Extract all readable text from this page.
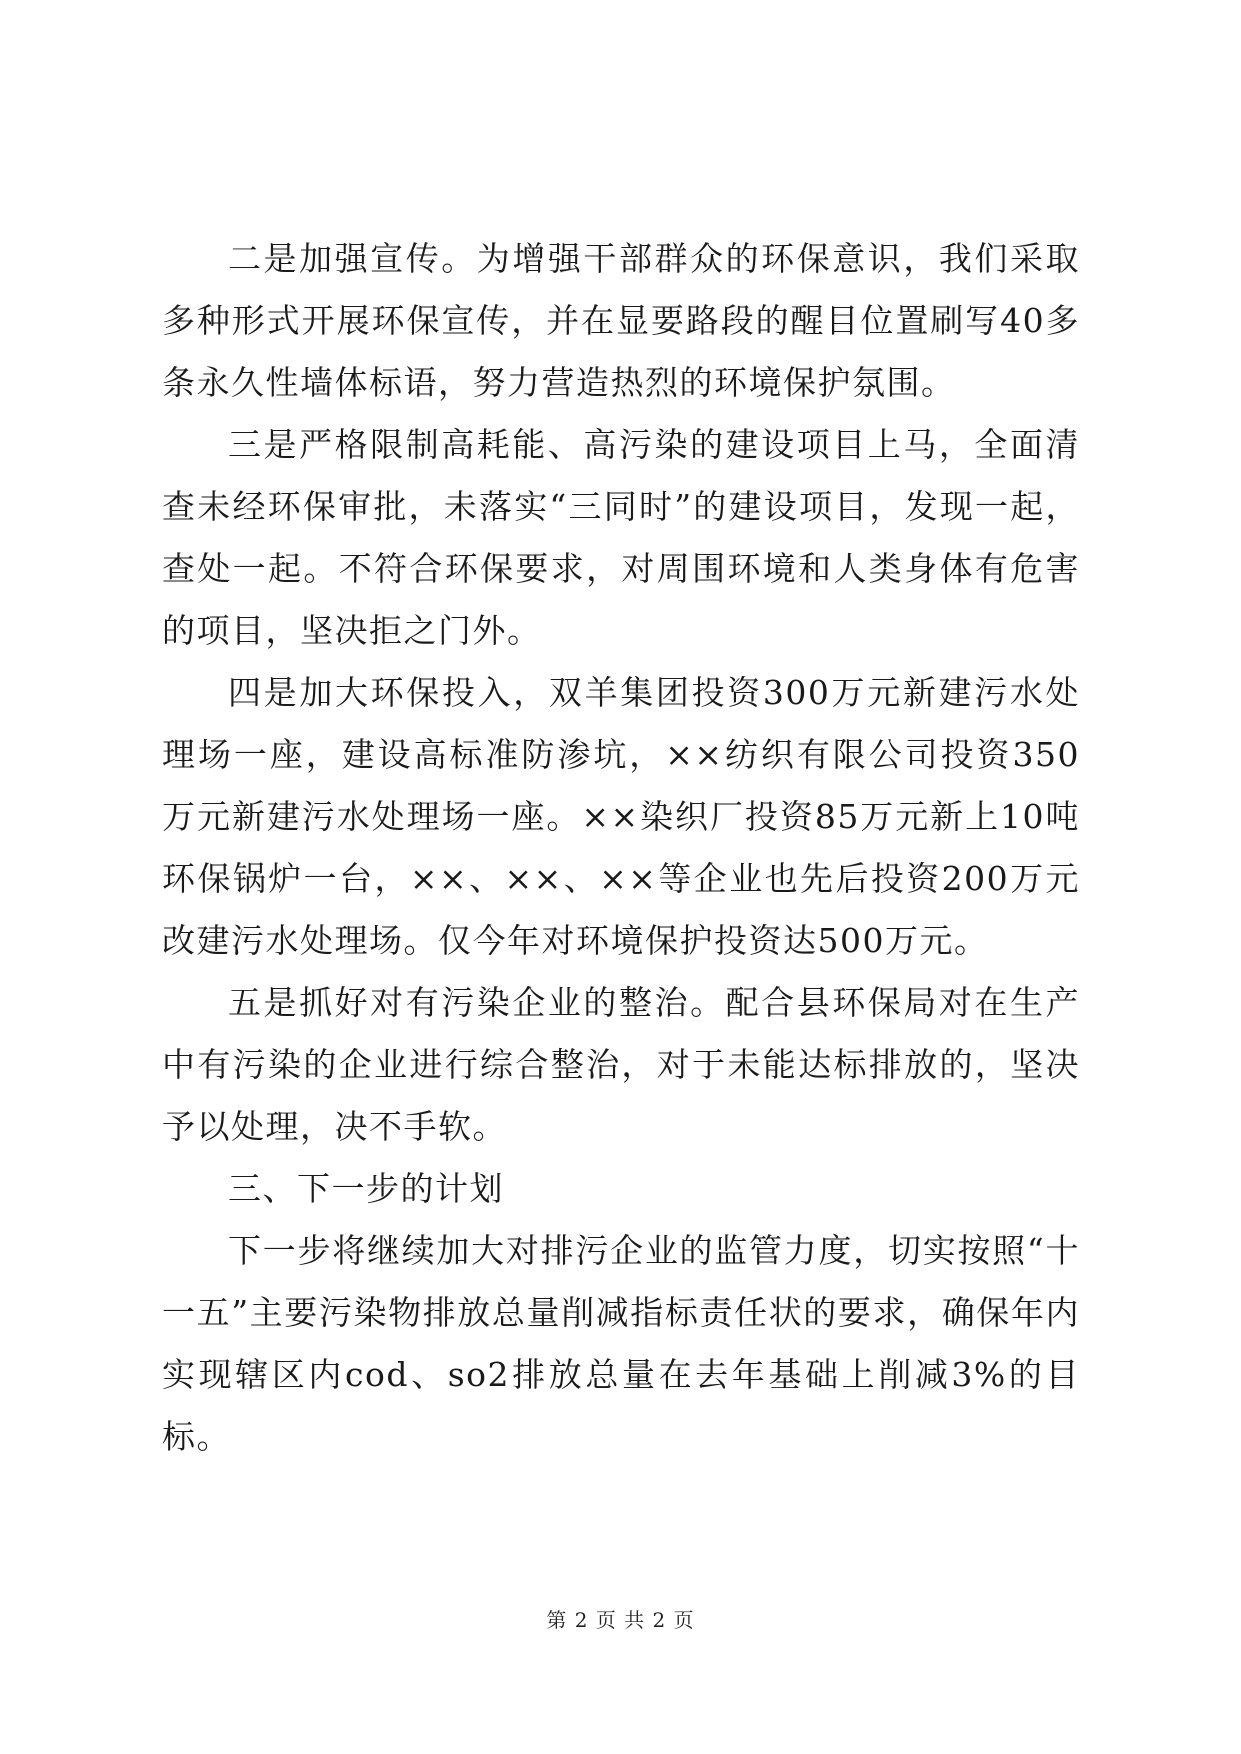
二是加强宣传。为增强干部群众的环保意识，我们采取多种形式开展环保宣传，并在显要路段的醒目位置刷写40多条永久性墙体标语，努力营造热烈的环境保护氛围。

三是严格限制高耗能、高污染的建设项目上马，全面清查未经环保审批，未落实“三同时”的建设项目，发现一起，查处一起。不符合环保要求，对周围环境和人类身体有危害的项目，坚决拒之门外。

四是加大环保投入，双羊集团投资300万元新建污水处理场一座，建设高标准防渗坑，××纺织有限公司投资350万元新建污水处理场一座。××染织厂投资85万元新上10吨环保锅炉一台，××、××、××等企业也先后投资200万元改建污水处理场。仅今年对环境保护投资达500万元。

五是抓好对有污染企业的整治。配合县环保局对在生产中有污染的企业进行综合整治，对于未能达标排放的，坚决予以处理，决不手软。

三、下一步的计划

下一步将继续加大对排污企业的监管力度，切实按照“十一五”主要污染物排放总量削减指标责任状的要求，确保年内实现辖区内cod、so2排放总量在去年基础上削减3%的目标。

第 2 页 共 2 页
